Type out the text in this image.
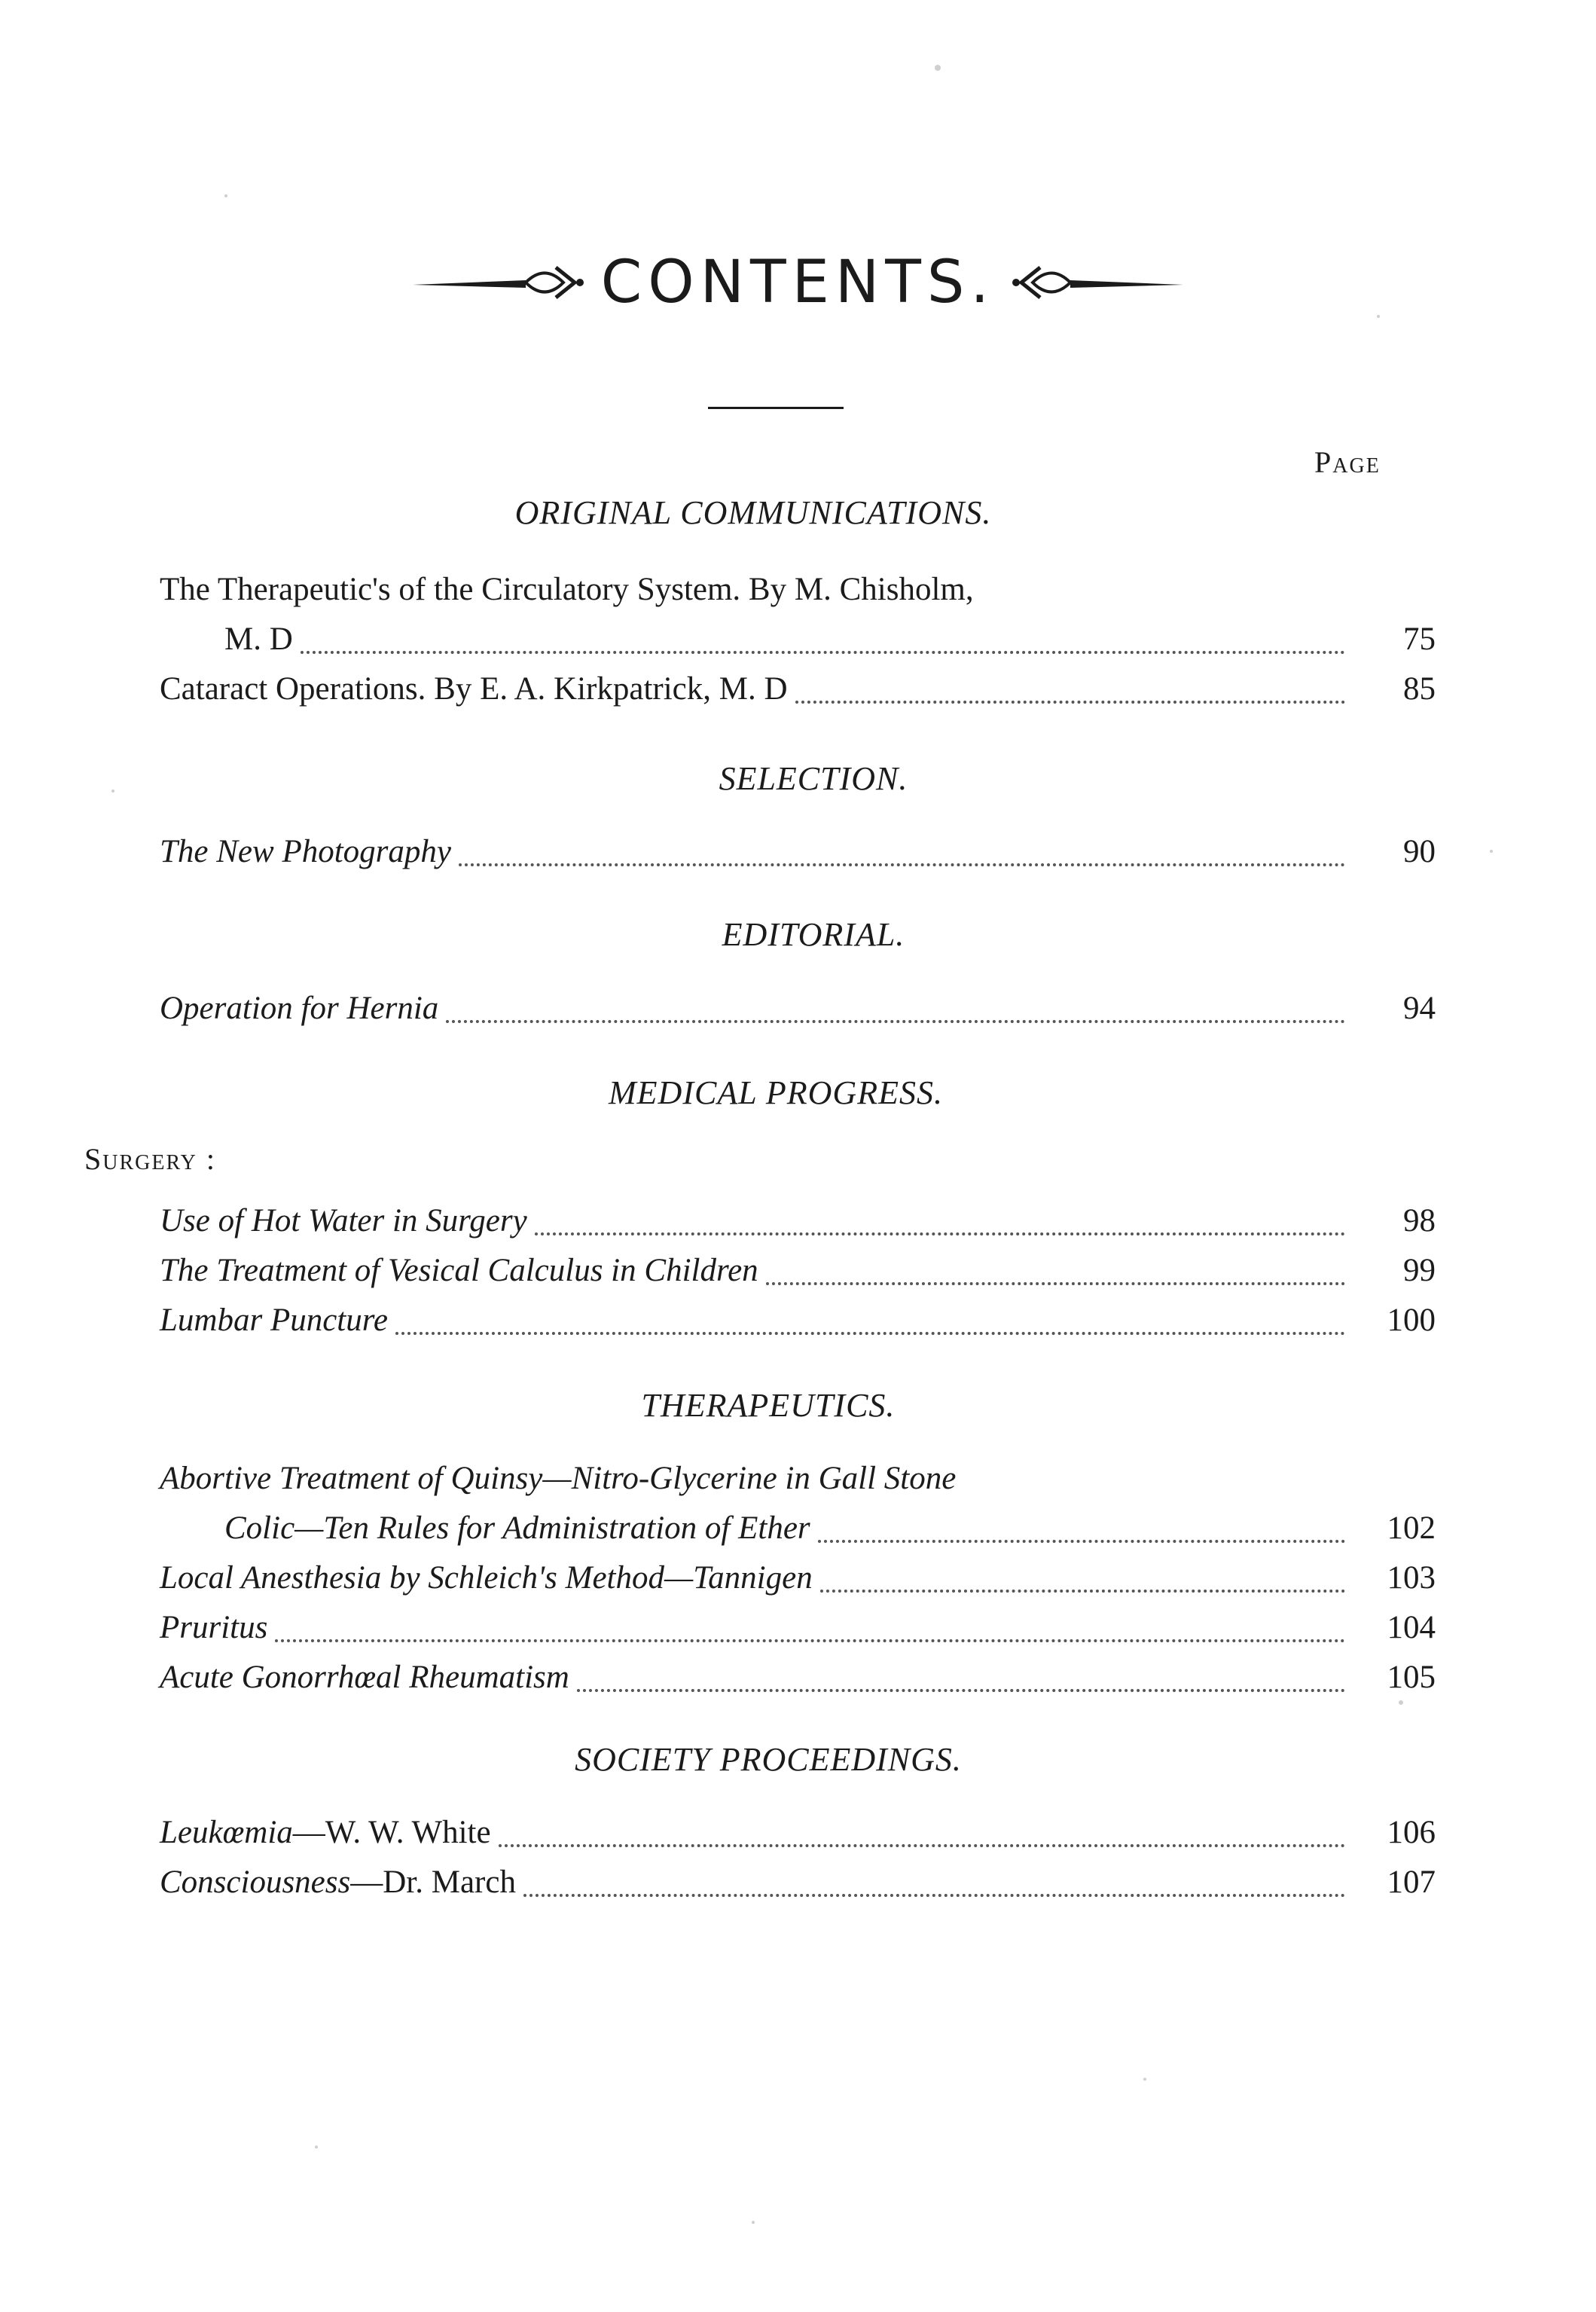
CONTENTS.
Page
ORIGINAL COMMUNICATIONS.
The Therapeutic's of the Circulatory System. By M. Chisholm,
M. D	75
Cataract Operations. By E. A. Kirkpatrick, M. D	85
SELECTION.
The New Photography	90
EDITORIAL.
Operation for Hernia	94
MEDICAL PROGRESS.
Surgery :
Use of Hot Water in Surgery	98
The Treatment of Vesical Calculus in Children	99
Lumbar Puncture	100
THERAPEUTICS.
Abortive Treatment of Quinsy—Nitro-Glycerine in Gall Stone
Colic—Ten Rules for Administration of Ether	102
Local Anesthesia by Schleich's Method—Tannigen	103
Pruritus	104
Acute Gonorrhœal Rheumatism	105
SOCIETY PROCEEDINGS.
Leukœmia—W. W. White	106
Consciousness—Dr. March	107
